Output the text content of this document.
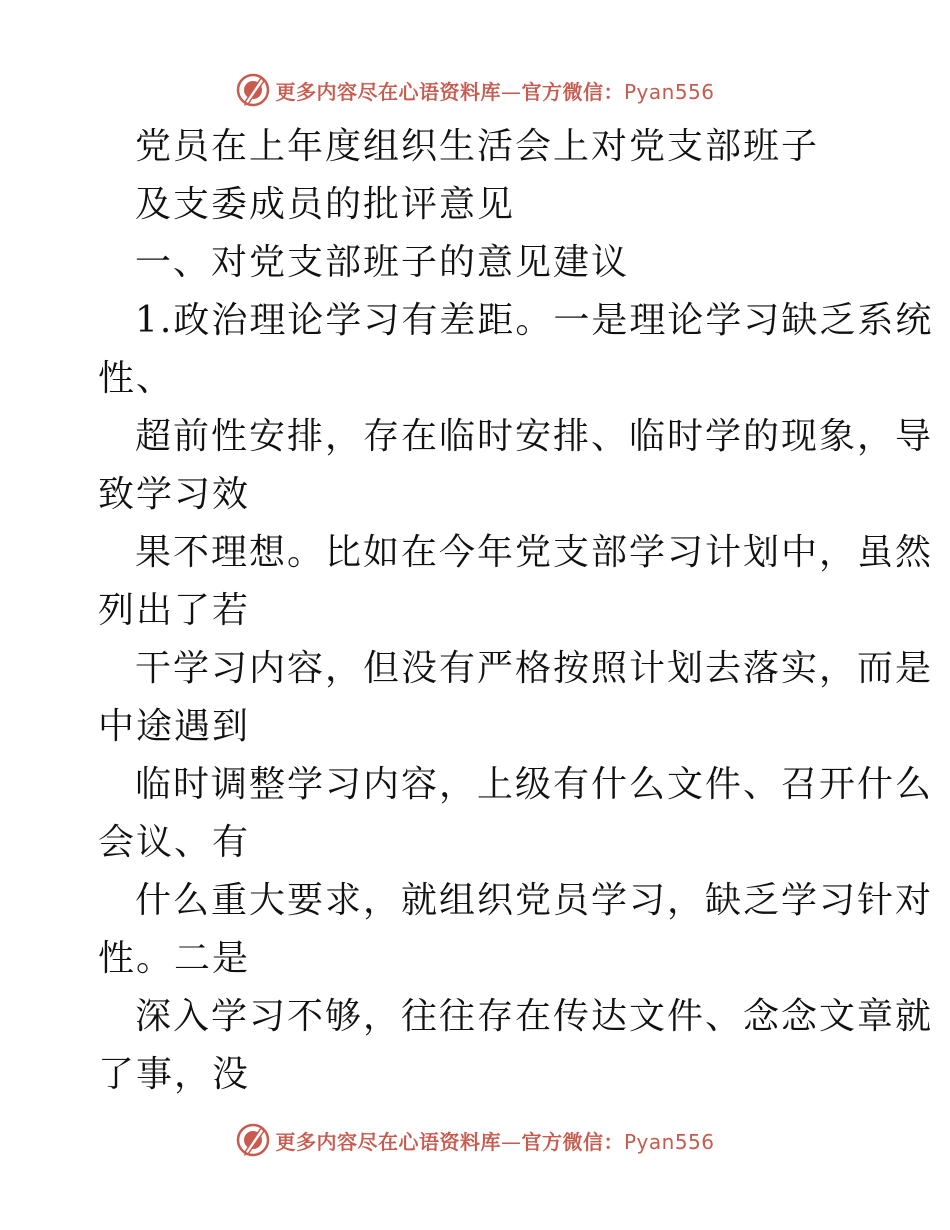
更多内容尽在心语资料库—官方微信：Pyan556
党员在上年度组织生活会上对党支部班子
及支委成员的批评意见
一、对党支部班子的意见建议
1.政治理论学习有差距。一是理论学习缺乏系统
性、
超前性安排，存在临时安排、临时学的现象，导
致学习效
果不理想。比如在今年党支部学习计划中，虽然
列出了若
干学习内容，但没有严格按照计划去落实，而是
中途遇到
临时调整学习内容，上级有什么文件、召开什么
会议、有
什么重大要求，就组织党员学习，缺乏学习针对
性。二是
深入学习不够，往往存在传达文件、念念文章就
了事，没
更多内容尽在心语资料库—官方微信：Pyan556
